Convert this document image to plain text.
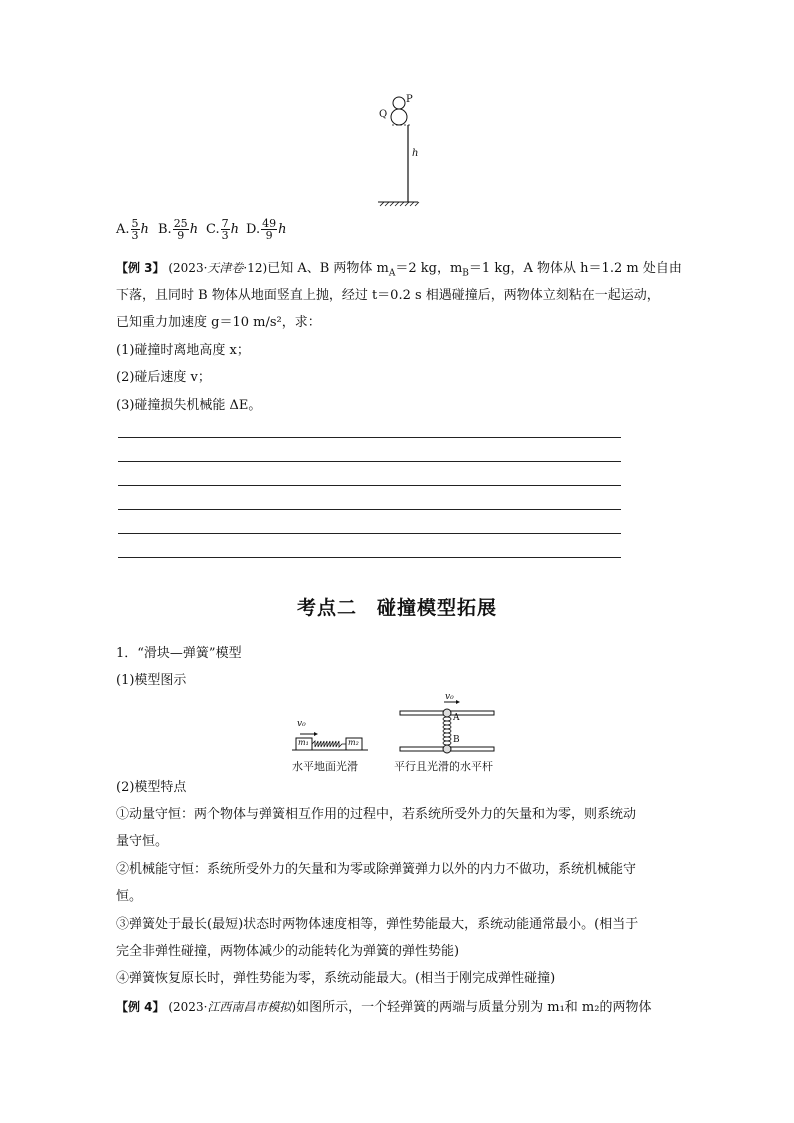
P
Q
h
A. $\frac{5}{3}$ h B. $\frac{25}{9}$ h C. $\frac{7}{3}$ h D. $\frac{49}{9}$ h
【例 3】 (2023·天津卷·12)已知 A、B 两物体 $m_A=2$ kg，$m_B=1$ kg，A 物体从 h＝1.2 m 处自由
下落，且同时 B 物体从地面竖直上抛，经过 t＝0.2 s 相遇碰撞后，两物体立刻粘在一起运动，
已知重力加速度 g＝10 m/s²，求：
(1)碰撞时离地高度 x；
(2)碰后速度 v；
(3)碰撞损失机械能 ΔE。
考点二　碰撞模型拓展
1．“滑块—弹簧”模型
(1)模型图示
v₀
m₁	m₂
v₀
A
B
水平地面光滑	平行且光滑的水平杆
(2)模型特点
①动量守恒：两个物体与弹簧相互作用的过程中，若系统所受外力的矢量和为零，则系统动
量守恒。
②机械能守恒：系统所受外力的矢量和为零或除弹簧弹力以外的内力不做功，系统机械能守
恒。
③弹簧处于最长(最短)状态时两物体速度相等，弹性势能最大，系统动能通常最小。(相当于
完全非弹性碰撞，两物体减少的动能转化为弹簧的弹性势能)
④弹簧恢复原长时，弹性势能为零，系统动能最大。(相当于刚完成弹性碰撞)
【例 4】 (2023·江西南昌市模拟)如图所示，一个轻弹簧的两端与质量分别为 m₁和 m₂的两物体
